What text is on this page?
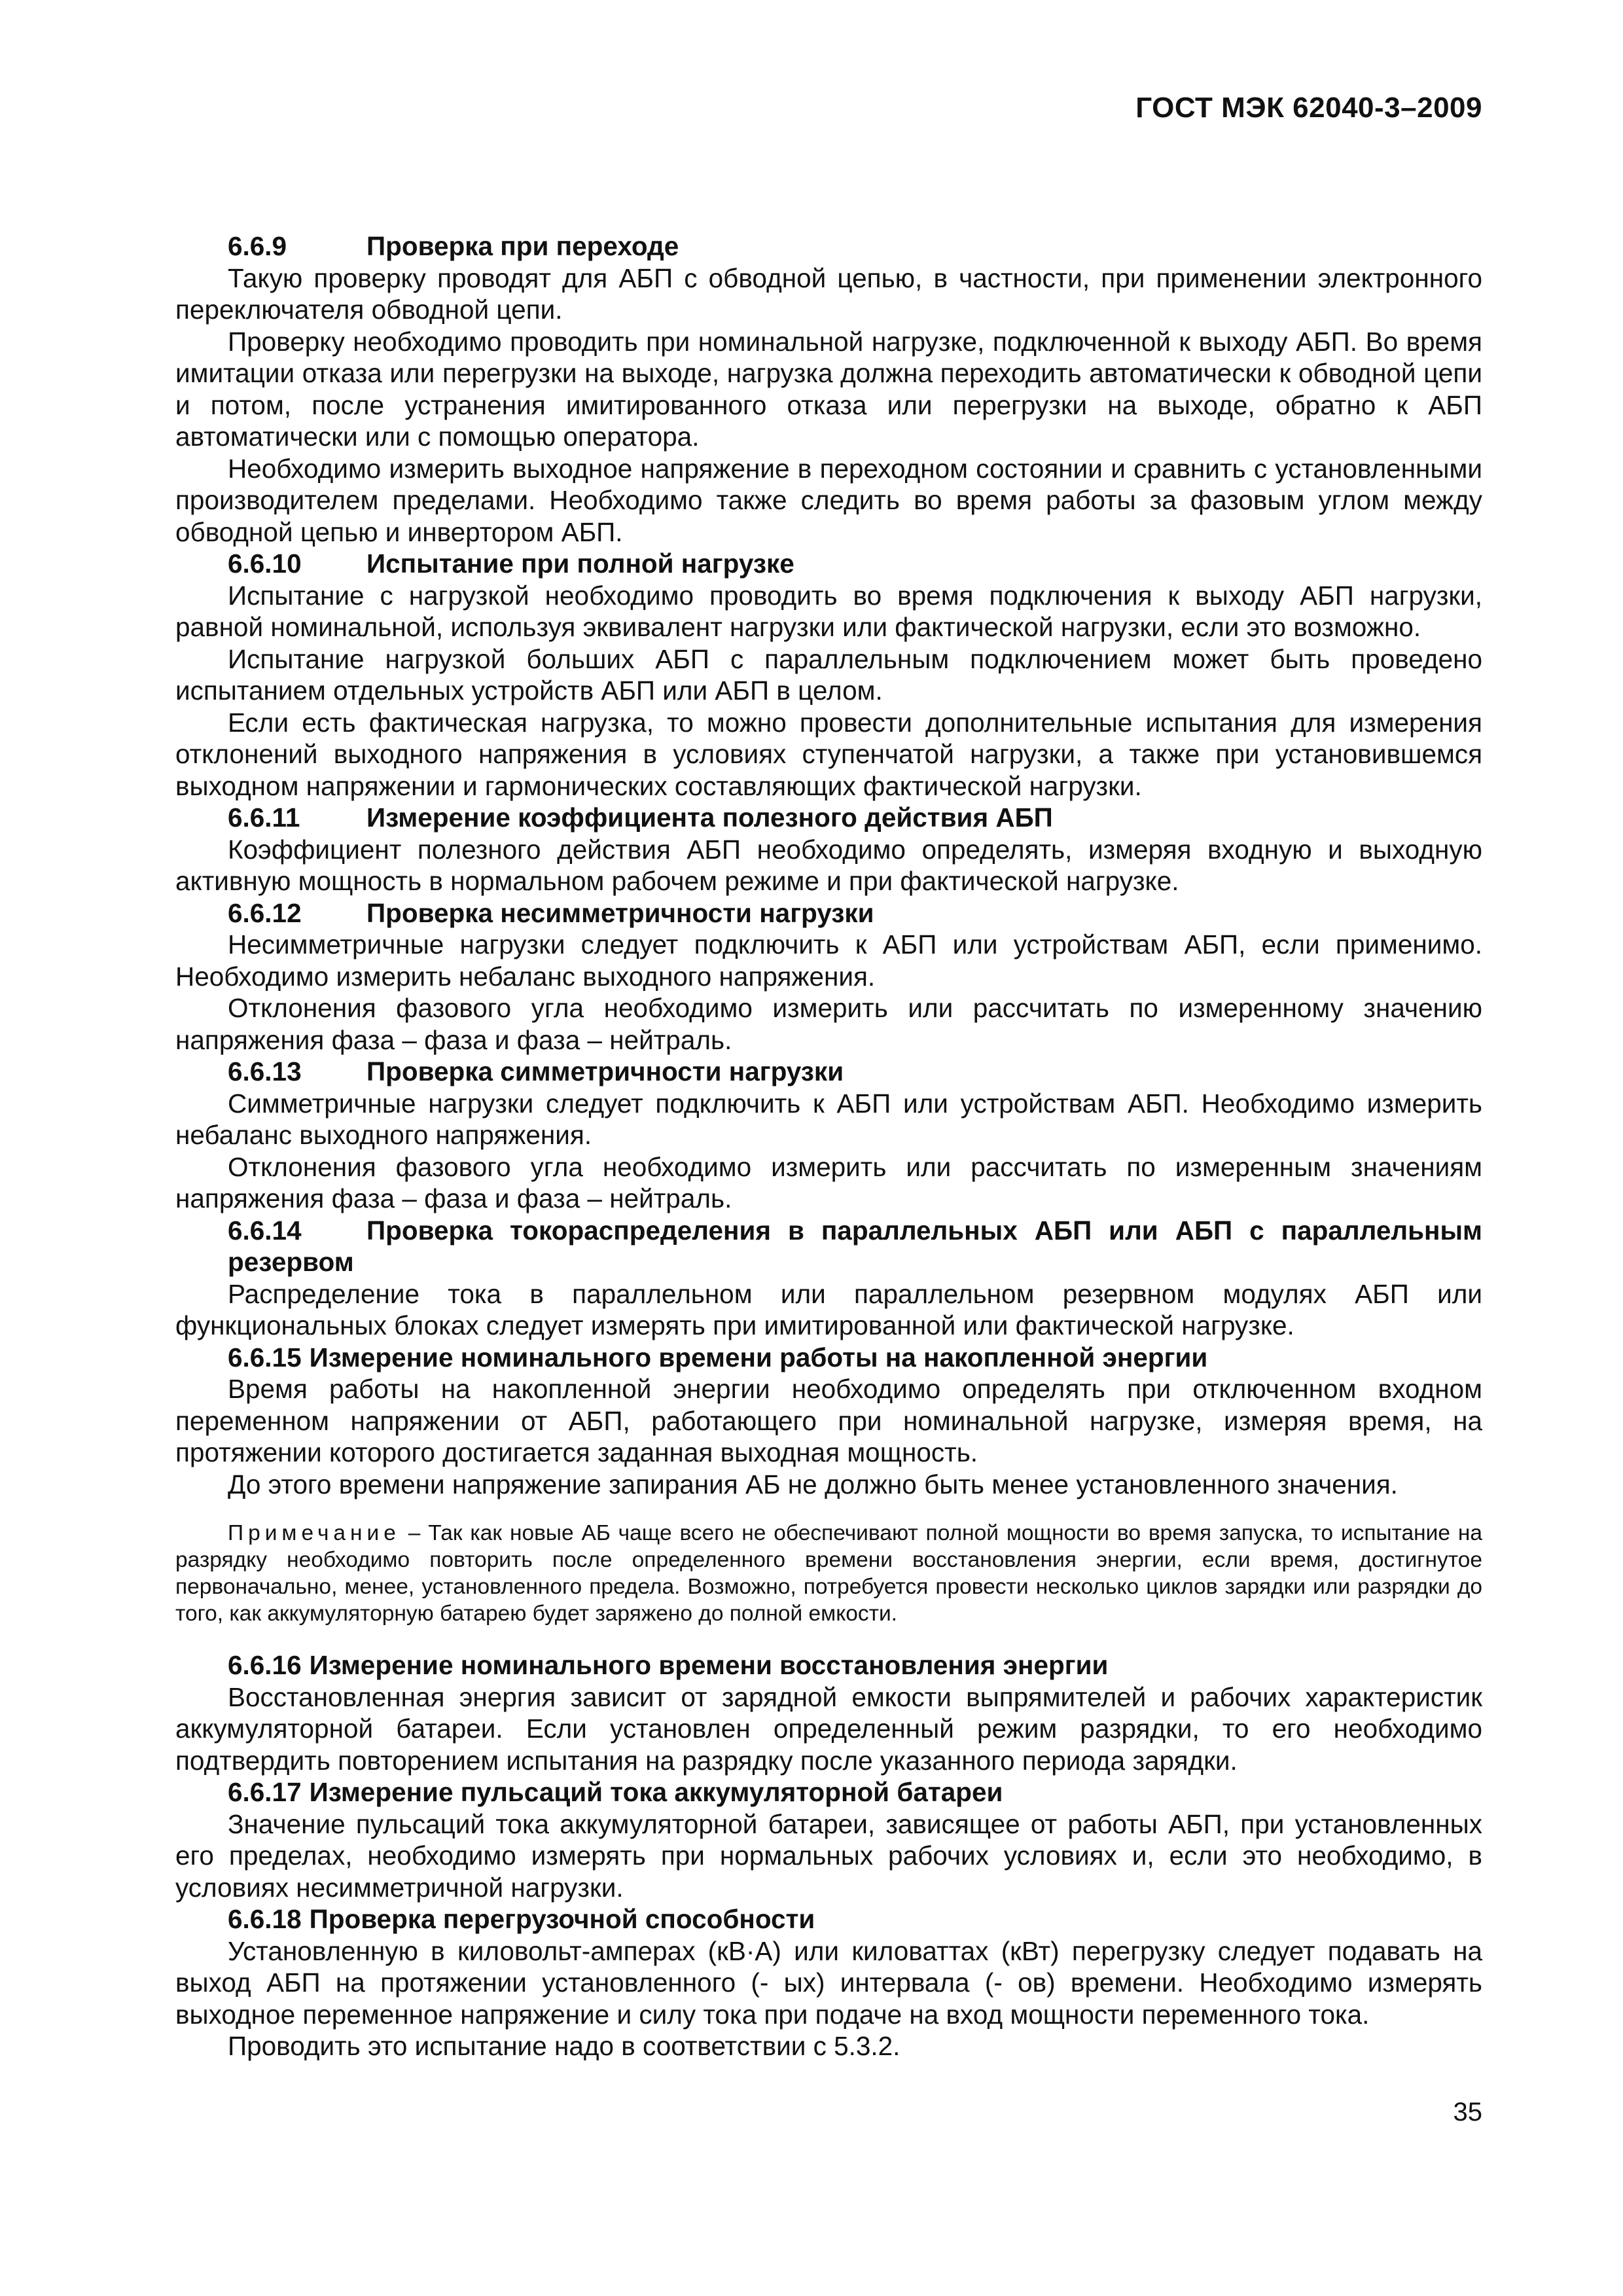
ГОСТ МЭК 62040-3–2009
6.6.9	Проверка при переходе
Такую проверку проводят для АБП с обводной цепью, в частности, при применении электронного переключателя обводной цепи.
Проверку необходимо проводить при номинальной нагрузке, подключенной к выходу АБП. Во время имитации отказа или перегрузки на выходе, нагрузка должна переходить автоматически к обводной цепи и потом, после устранения имитированного отказа или перегрузки на выходе, обратно к АБП автоматически или с помощью оператора.
Необходимо измерить выходное напряжение в переходном состоянии и сравнить с установленными производителем пределами. Необходимо также следить во время работы за фазовым углом между обводной цепью и инвертором АБП.
6.6.10 Испытание при полной нагрузке
Испытание с нагрузкой необходимо проводить во время подключения к выходу АБП нагрузки, равной номинальной, используя эквивалент нагрузки или фактической нагрузки, если это возможно.
Испытание нагрузкой больших АБП с параллельным подключением может быть проведено испытанием отдельных устройств АБП или АБП в целом.
Если есть фактическая нагрузка, то можно провести дополнительные испытания для измерения отклонений выходного напряжения в условиях ступенчатой нагрузки, а также при установившемся выходном напряжении и гармонических составляющих фактической нагрузки.
6.6.11	Измерение коэффициента полезного действия АБП
Коэффициент полезного действия АБП необходимо определять, измеряя входную и выходную активную мощность в нормальном рабочем режиме и при фактической нагрузке.
6.6.12 Проверка несимметричности нагрузки
Несимметричные нагрузки следует подключить к АБП или устройствам АБП, если применимо. Необходимо измерить небаланс выходного напряжения.
Отклонения фазового угла необходимо измерить или рассчитать по измеренному значению напряжения фаза – фаза и фаза – нейтраль.
6.6.13 Проверка симметричности нагрузки
Симметричные нагрузки следует подключить к АБП или устройствам АБП. Необходимо измерить небаланс выходного напряжения.
Отклонения фазового угла необходимо измерить или рассчитать по измеренным значениям напряжения фаза – фаза и фаза – нейтраль.
6.6.14 Проверка токораспределения в параллельных АБП или АБП с параллельным резервом
Распределение тока в параллельном или параллельном резервном модулях АБП или функциональных блоках следует измерять при имитированной или фактической нагрузке.
6.6.15 Измерение номинального времени работы на накопленной энергии
Время работы на накопленной энергии необходимо определять при отключенном входном переменном напряжении от АБП, работающего при номинальной нагрузке, измеряя время, на протяжении которого достигается заданная выходная мощность.
До этого времени напряжение запирания АБ не должно быть менее установленного значения.
Примечание – Так как новые АБ чаще всего не обеспечивают полной мощности во время запуска, то испытание на разрядку необходимо повторить после определенного времени восстановления энергии, если время, достигнутое первоначально, менее, установленного предела. Возможно, потребуется провести несколько циклов зарядки или разрядки до того, как аккумуляторную батарею будет заряжено до полной емкости.
6.6.16 Измерение номинального времени восстановления энергии
Восстановленная энергия зависит от зарядной емкости выпрямителей и рабочих характеристик аккумуляторной батареи. Если установлен определенный режим разрядки, то его необходимо подтвердить повторением испытания на разрядку после указанного периода зарядки.
6.6.17 Измерение пульсаций тока аккумуляторной батареи
Значение пульсаций тока аккумуляторной батареи, зависящее от работы АБП, при установленных его пределах, необходимо измерять при нормальных рабочих условиях и, если это необходимо, в условиях несимметричной нагрузки.
6.6.18 Проверка перегрузочной способности
Установленную в киловольт-амперах (кВ·А) или киловаттах (кВт) перегрузку следует подавать на выход АБП на протяжении установленного (- ых) интервала (- ов) времени. Необходимо измерять выходное переменное напряжение и силу тока при подаче на вход мощности переменного тока.
Проводить это испытание надо в соответствии с 5.3.2.
35
